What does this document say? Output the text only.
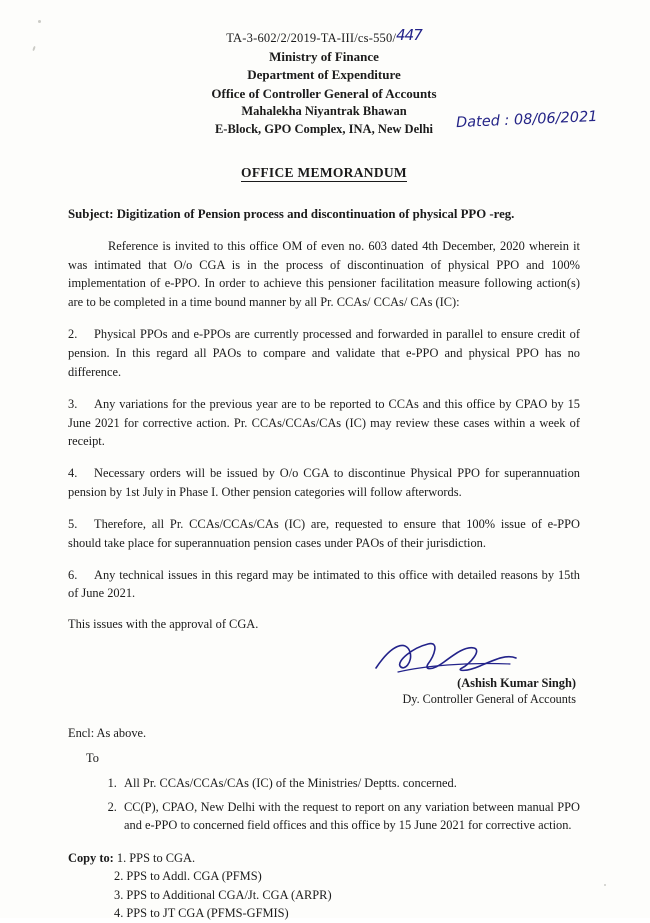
TA-3-602/2/2019-TA-III/cs-550/447
Ministry of Finance
Department of Expenditure
Office of Controller General of Accounts
Mahalekha Niyantrak Bhawan
E-Block, GPO Complex, INA, New Delhi	Dated : 08/06/2021
OFFICE MEMORANDUM
Subject: Digitization of Pension process and discontinuation of physical PPO -reg.

Reference is invited to this office OM of even no. 603 dated 4th December, 2020 wherein it was intimated that O/o CGA is in the process of discontinuation of physical PPO and 100% implementation of e-PPO. In order to achieve this pensioner facilitation measure following action(s) are to be completed in a time bound manner by all Pr. CCAs/ CCAs/ CAs (IC):

2. Physical PPOs and e-PPOs are currently processed and forwarded in parallel to ensure credit of pension. In this regard all PAOs to compare and validate that e-PPO and physical PPO has no difference.

3. Any variations for the previous year are to be reported to CCAs and this office by CPAO by 15 June 2021 for corrective action. Pr. CCAs/CCAs/CAs (IC) may review these cases within a week of receipt.

4. Necessary orders will be issued by O/o CGA to discontinue Physical PPO for superannuation pension by 1st July in Phase I. Other pension categories will follow afterwords.

5. Therefore, all Pr. CCAs/CCAs/CAs (IC) are, requested to ensure that 100% issue of e-PPO should take place for superannuation pension cases under PAOs of their jurisdiction.

6. Any technical issues in this regard may be intimated to this office with detailed reasons by 15th of June 2021.

This issues with the approval of CGA.
(Ashish Kumar Singh)
Dy. Controller General of Accounts
Encl: As above.
To
1. All Pr. CCAs/CCAs/CAs (IC) of the Ministries/ Deptts. concerned.
2. CC(P), CPAO, New Delhi with the request to report on any variation between manual PPO and e-PPO to concerned field offices and this office by 15 June 2021 for corrective action.
Copy to: 1. PPS to CGA.
2. PPS to Addl. CGA (PFMS)
3. PPS to Additional CGA/Jt. CGA (ARPR)
4. PPS to JT CGA (PFMS-GFMIS)
